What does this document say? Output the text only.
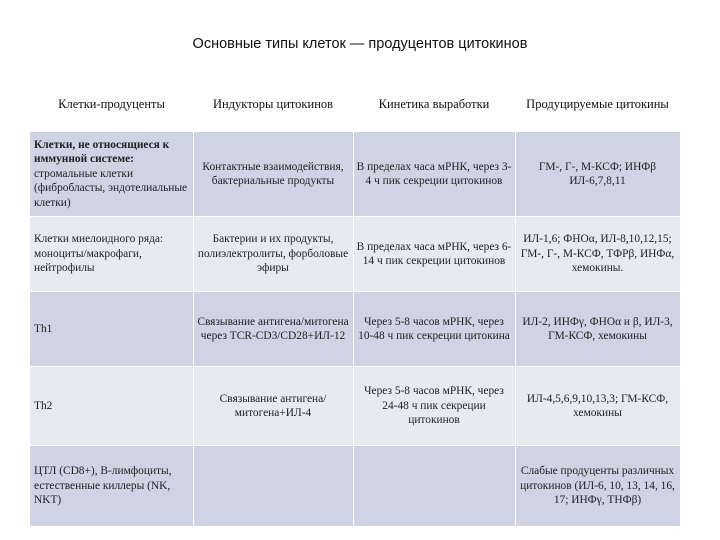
Основные типы клеток — продуцентов цитокинов
Клетки-продуценты	Индукторы цитокинов	Кинетика выработки	Продуцируемые цитокины
Клетки, не относящиеся к иммунной системе: стромальные клетки (фибробласты, эндотелиальные клетки)	Контактные взаимодействия, бактериальные продукты	В пределах часа мРНК, через 3-4 ч пик секреции цитокинов	ГМ-, Г-, М-КСФ; ИНФβ ИЛ-6,7,8,11
Клетки миелоидного ряда: моноциты/макрофаги, нейтрофилы	Бактерии и их продукты, полиэлектролиты, форболовые эфиры	В пределах часа мРНК, через 6-14 ч пик секреции цитокинов	ИЛ-1,6; ФНОα, ИЛ-8,10,12,15; ГМ-, Г-, М-КСФ, ТФРβ, ИНФα, хемокины.
Th1	Связывание антигена/митогена через TCR-CD3/CD28+ИЛ-12	Через 5-8 часов мРНК, через 10-48 ч пик секреции цитокина	ИЛ-2, ИНФγ, ФНОα и β, ИЛ-3, ГМ-КСФ, хемокины
Th2	Связывание антигена/митогена+ИЛ-4	Через 5-8 часов мРНК, через 24-48 ч пик секреции цитокинов	ИЛ-4,5,6,9,10,13,3; ГМ-КСФ, хемокины
ЦТЛ (CD8+), В-лимфоциты, естественные киллеры (NK, NKT)			Слабые продуценты различных цитокинов (ИЛ-6, 10, 13, 14, 16, 17; ИНФγ, ТНФβ)
